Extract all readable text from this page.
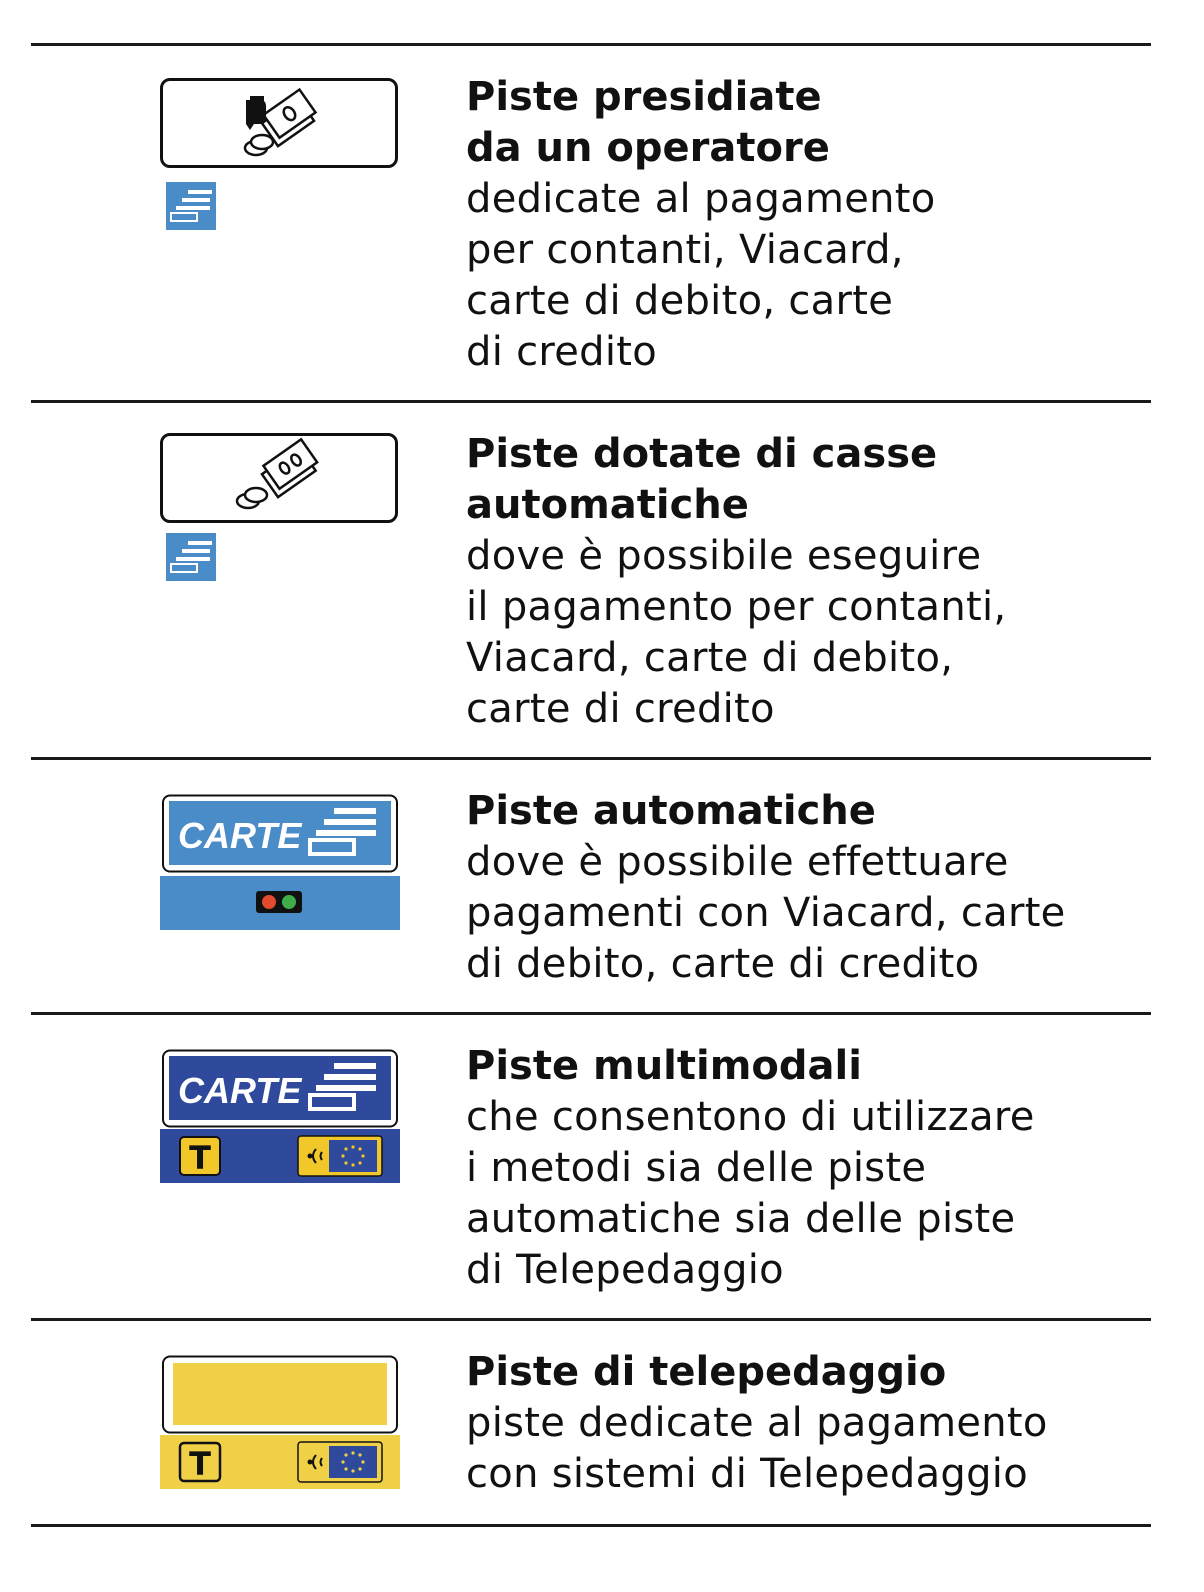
Piste presidiate
da un operatore

dedicate al pagamento
per contanti, Viacard,
carte di debito, carte
di credito

Piste dotate di casse
automatiche

dove è possibile eseguire
il pagamento per contanti,
Viacard, carte di debito,
carte di credito

CARTE

Piste automatiche

dove è possibile effettuare
pagamenti con Viacard, carte
di debito, carte di credito

CARTE
T

Piste multimodali

che consentono di utilizzare
i metodi sia delle piste
automatiche sia delle piste
di Telepedaggio

T

Piste di telepedaggio

piste dedicate al pagamento
con sistemi di Telepedaggio
